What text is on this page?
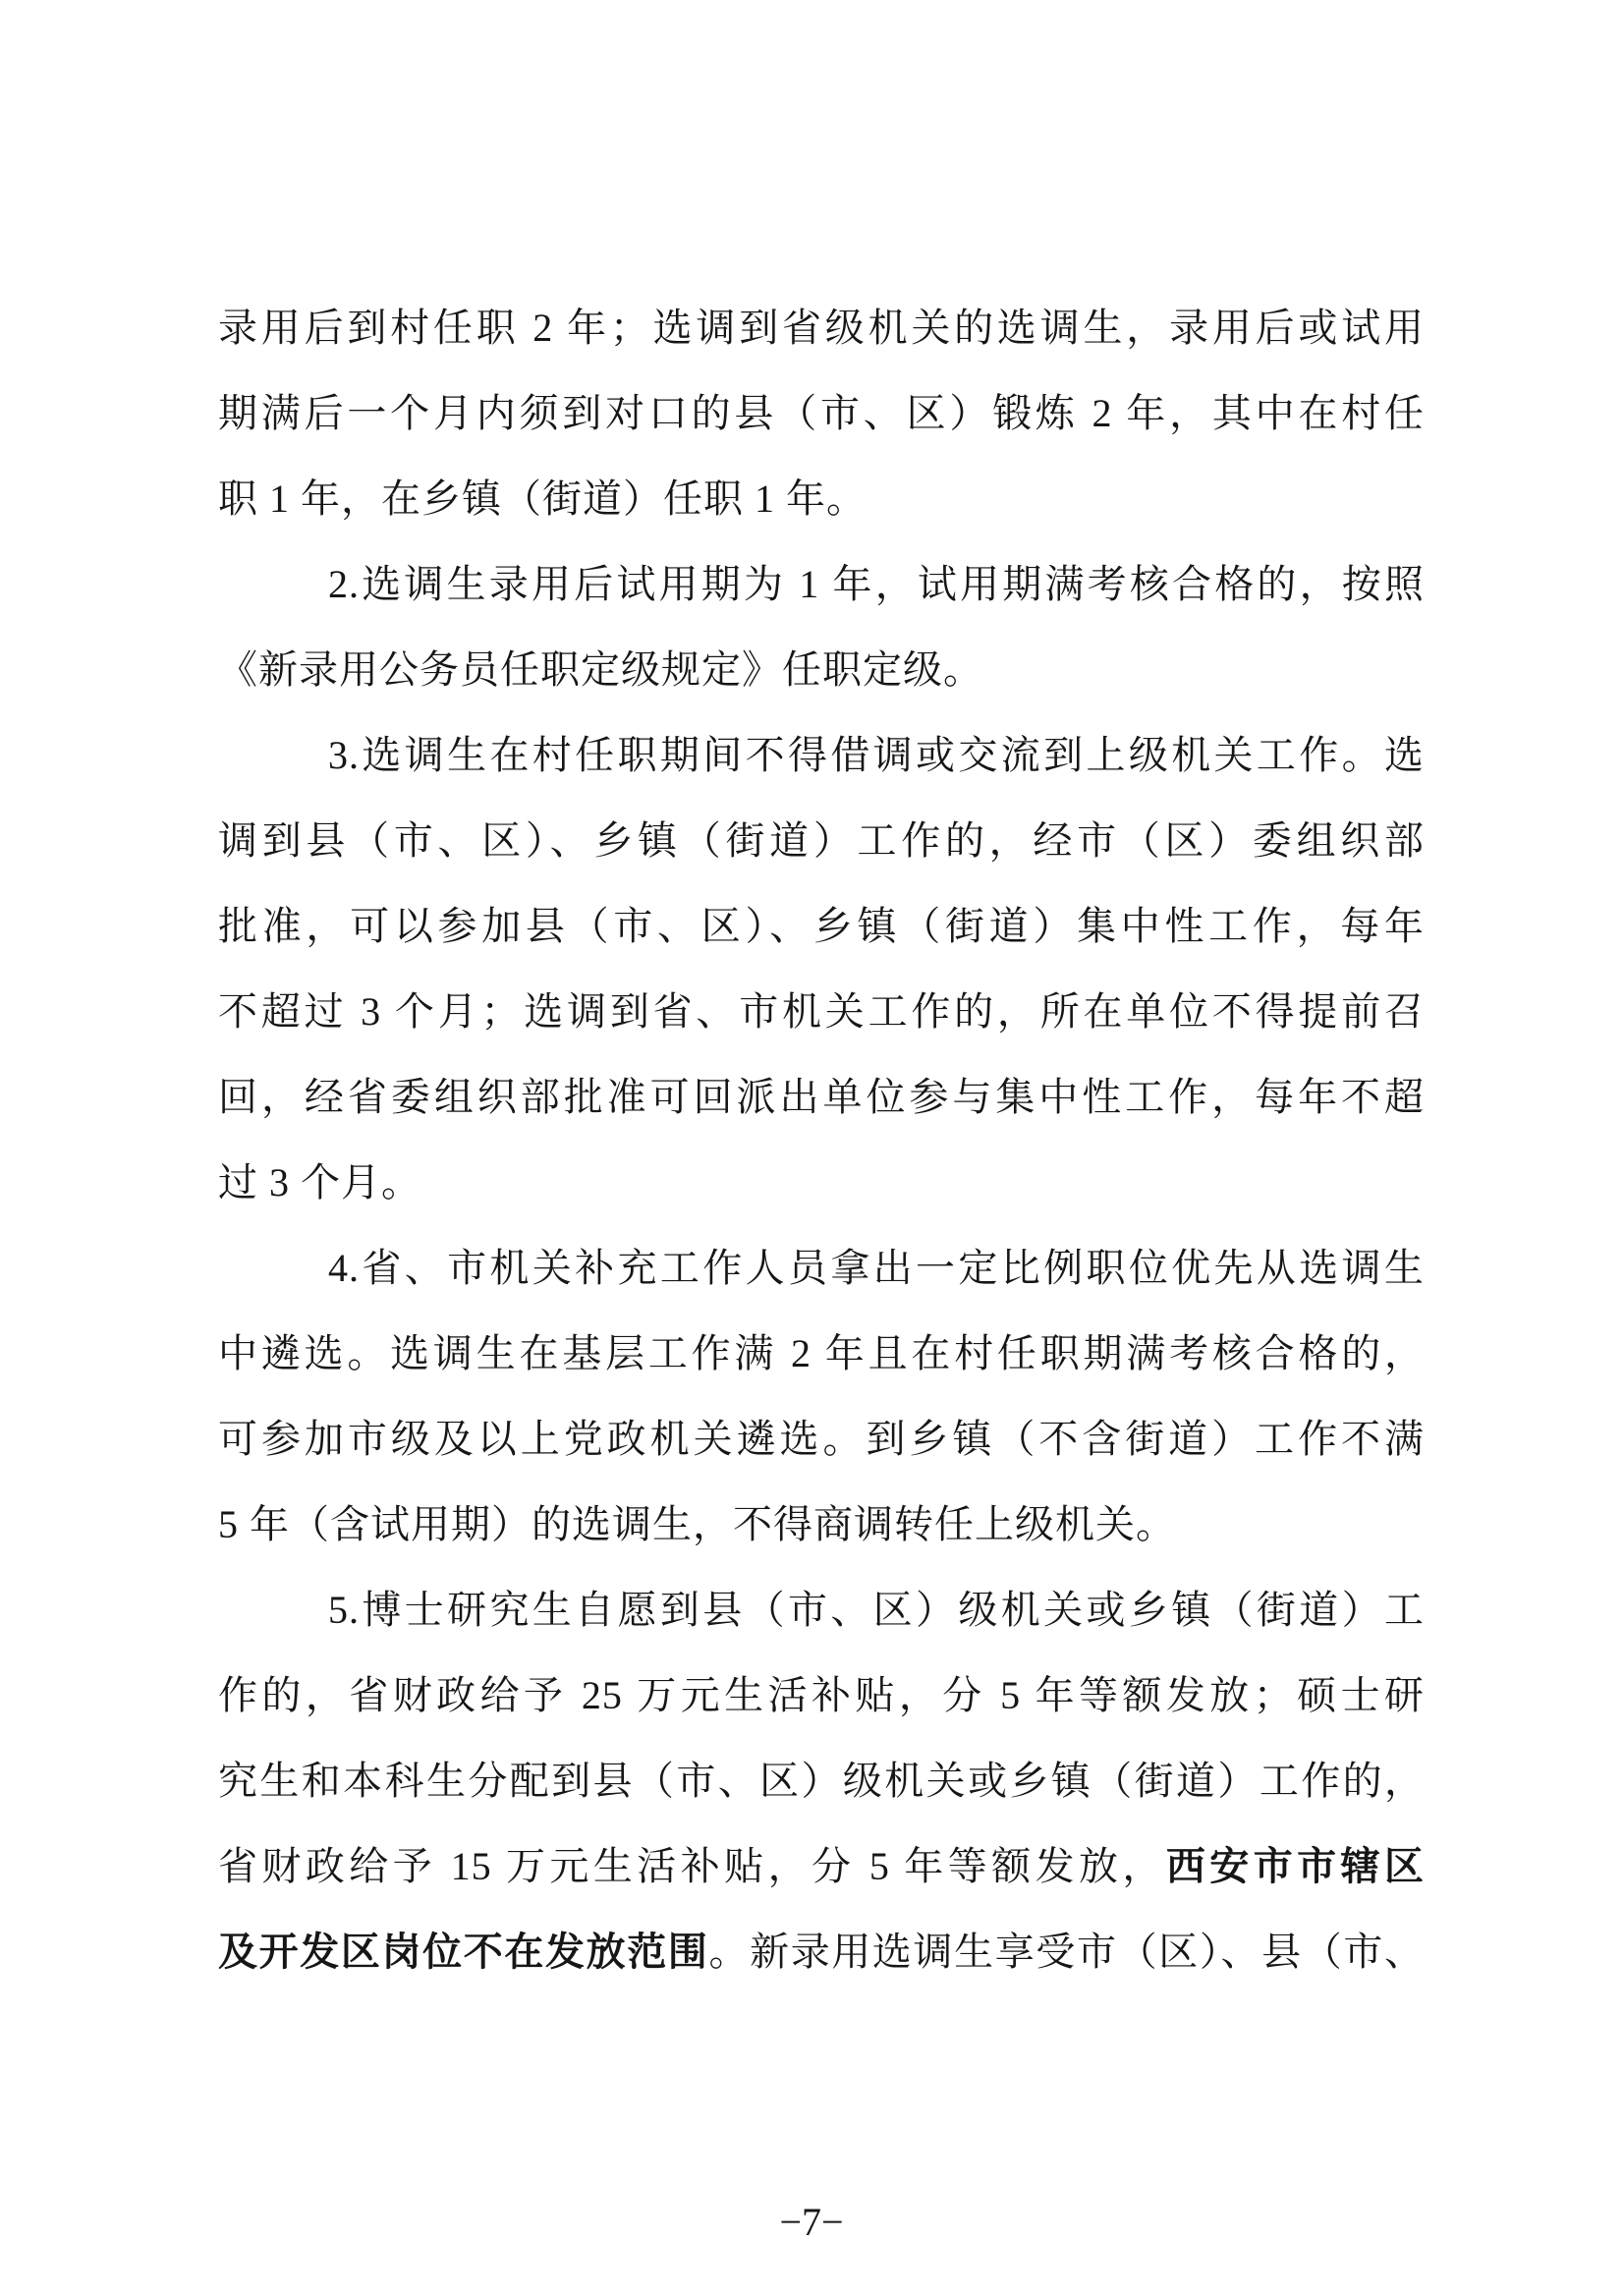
录用后到村任职 2 年；选调到省级机关的选调生，录用后或试用
期满后一个月内须到对口的县（市、区）锻炼 2 年，其中在村任
职 1 年，在乡镇（街道）任职 1 年。
2.选调生录用后试用期为 1 年，试用期满考核合格的，按照
《新录用公务员任职定级规定》任职定级。
3.选调生在村任职期间不得借调或交流到上级机关工作。选
调到县（市、区）、乡镇（街道）工作的，经市（区）委组织部
批准，可以参加县（市、区）、乡镇（街道）集中性工作，每年
不超过 3 个月；选调到省、市机关工作的，所在单位不得提前召
回，经省委组织部批准可回派出单位参与集中性工作，每年不超
过 3 个月。
4.省、市机关补充工作人员拿出一定比例职位优先从选调生
中遴选。选调生在基层工作满 2 年且在村任职期满考核合格的，
可参加市级及以上党政机关遴选。到乡镇（不含街道）工作不满
5 年（含试用期）的选调生，不得商调转任上级机关。
5.博士研究生自愿到县（市、区）级机关或乡镇（街道）工
作的，省财政给予 25 万元生活补贴，分 5 年等额发放；硕士研
究生和本科生分配到县（市、区）级机关或乡镇（街道）工作的，
省财政给予 15 万元生活补贴，分 5 年等额发放，西安市市辖区
及开发区岗位不在发放范围。新录用选调生享受市（区）、县（市、
−7−
